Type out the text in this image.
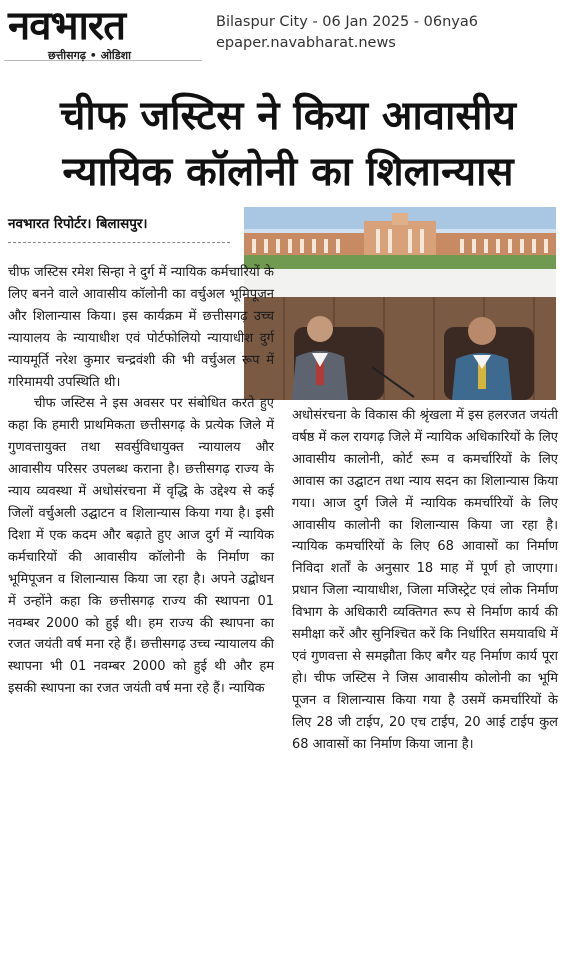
नवभारत
छत्तीसगढ़ • ओडिशा
Bilaspur City - 06 Jan 2025 - 06nya6
epaper.navabharat.news
चीफ जस्टिस ने किया आवासीय
न्यायिक कॉलोनी का शिलान्यास
नवभारत रिपोर्टर। बिलासपुर।

चीफ जस्टिस रमेश सिन्हा ने दुर्ग में न्यायिक कर्मचारियों के लिए बनने वाले आवासीय कॉलोनी का वर्चुअल भूमिपूजन और शिलान्यास किया। इस कार्यक्रम में छत्तीसगढ़ उच्च न्यायालय के न्यायाधीश एवं पोर्टफोलियो न्यायाधीश दुर्ग न्यायमूर्ति नरेश कुमार चन्द्रवंशी की भी वर्चुअल रूप में गरिमामयी उपस्थिति थी।

चीफ जस्टिस ने इस अवसर पर संबोधित करते हुए कहा कि हमारी प्राथमिकता छत्तीसगढ़ के प्रत्येक जिले में गुणवत्तायुक्त तथा सवर्सुविधायुक्त न्यायालय और आवासीय परिसर उपलब्ध कराना है। छत्तीसगढ़ राज्य के न्याय व्यवस्था में अधोसंरचना में वृद्धि के उद्देश्य से कई जिलों वर्चुअली उद्घाटन व शिलान्यास किया गया है। इसी दिशा में एक कदम और बढ़ाते हुए आज दुर्ग में न्यायिक कर्मचारियों की आवासीय कॉलोनी के निर्माण का भूमिपूजन व शिलान्यास किया जा रहा है। अपने उद्बोधन में उन्होंने कहा कि छत्तीसगढ़ राज्य की स्थापना 01 नवम्बर 2000 को हुई थी। हम राज्य की स्थापना का रजत जयंती वर्ष मना रहे हैं। छत्तीसगढ़ उच्च न्यायालय की स्थापना भी 01 नवम्बर 2000 को हुई थी और हम इसकी स्थापना का रजत जयंती वर्ष मना रहे हैं। न्यायिक

अधोसंरचना के विकास की श्रृंखला में इस हलरजत जयंती वर्षष्ठ में कल रायगढ़ जिले में न्यायिक अधिकारियों के लिए आवासीय कालोनी, कोर्ट रूम व कमर्चारियों के लिए आवास का उद्घाटन तथा न्याय सदन का शिलान्यास किया गया। आज दुर्ग जिले में न्यायिक कमर्चारियों के लिए आवासीय कालोनी का शिलान्यास किया जा रहा है। न्यायिक कमर्चारियों के लिए 68 आवासों का निर्माण निविदा शर्तों के अनुसार 18 माह में पूर्ण हो जाएगा। प्रधान जिला न्यायाधीश, जिला मजिस्ट्रेट एवं लोक निर्माण विभाग के अधिकारी व्यक्तिगत रूप से निर्माण कार्य की समीक्षा करें और सुनिश्चित करें कि निर्धारित समयावधि में एवं गुणवत्ता से समझौता किए बगैर यह निर्माण कार्य पूरा हो। चीफ जस्टिस ने जिस आवासीय कोलोनी का भूमि पूजन व शिलान्यास किया गया है उसमें कमर्चारियों के लिए 28 जी टाईप, 20 एच टाईप, 20 आई टाईप कुल 68 आवासों का निर्माण किया जाना है।
